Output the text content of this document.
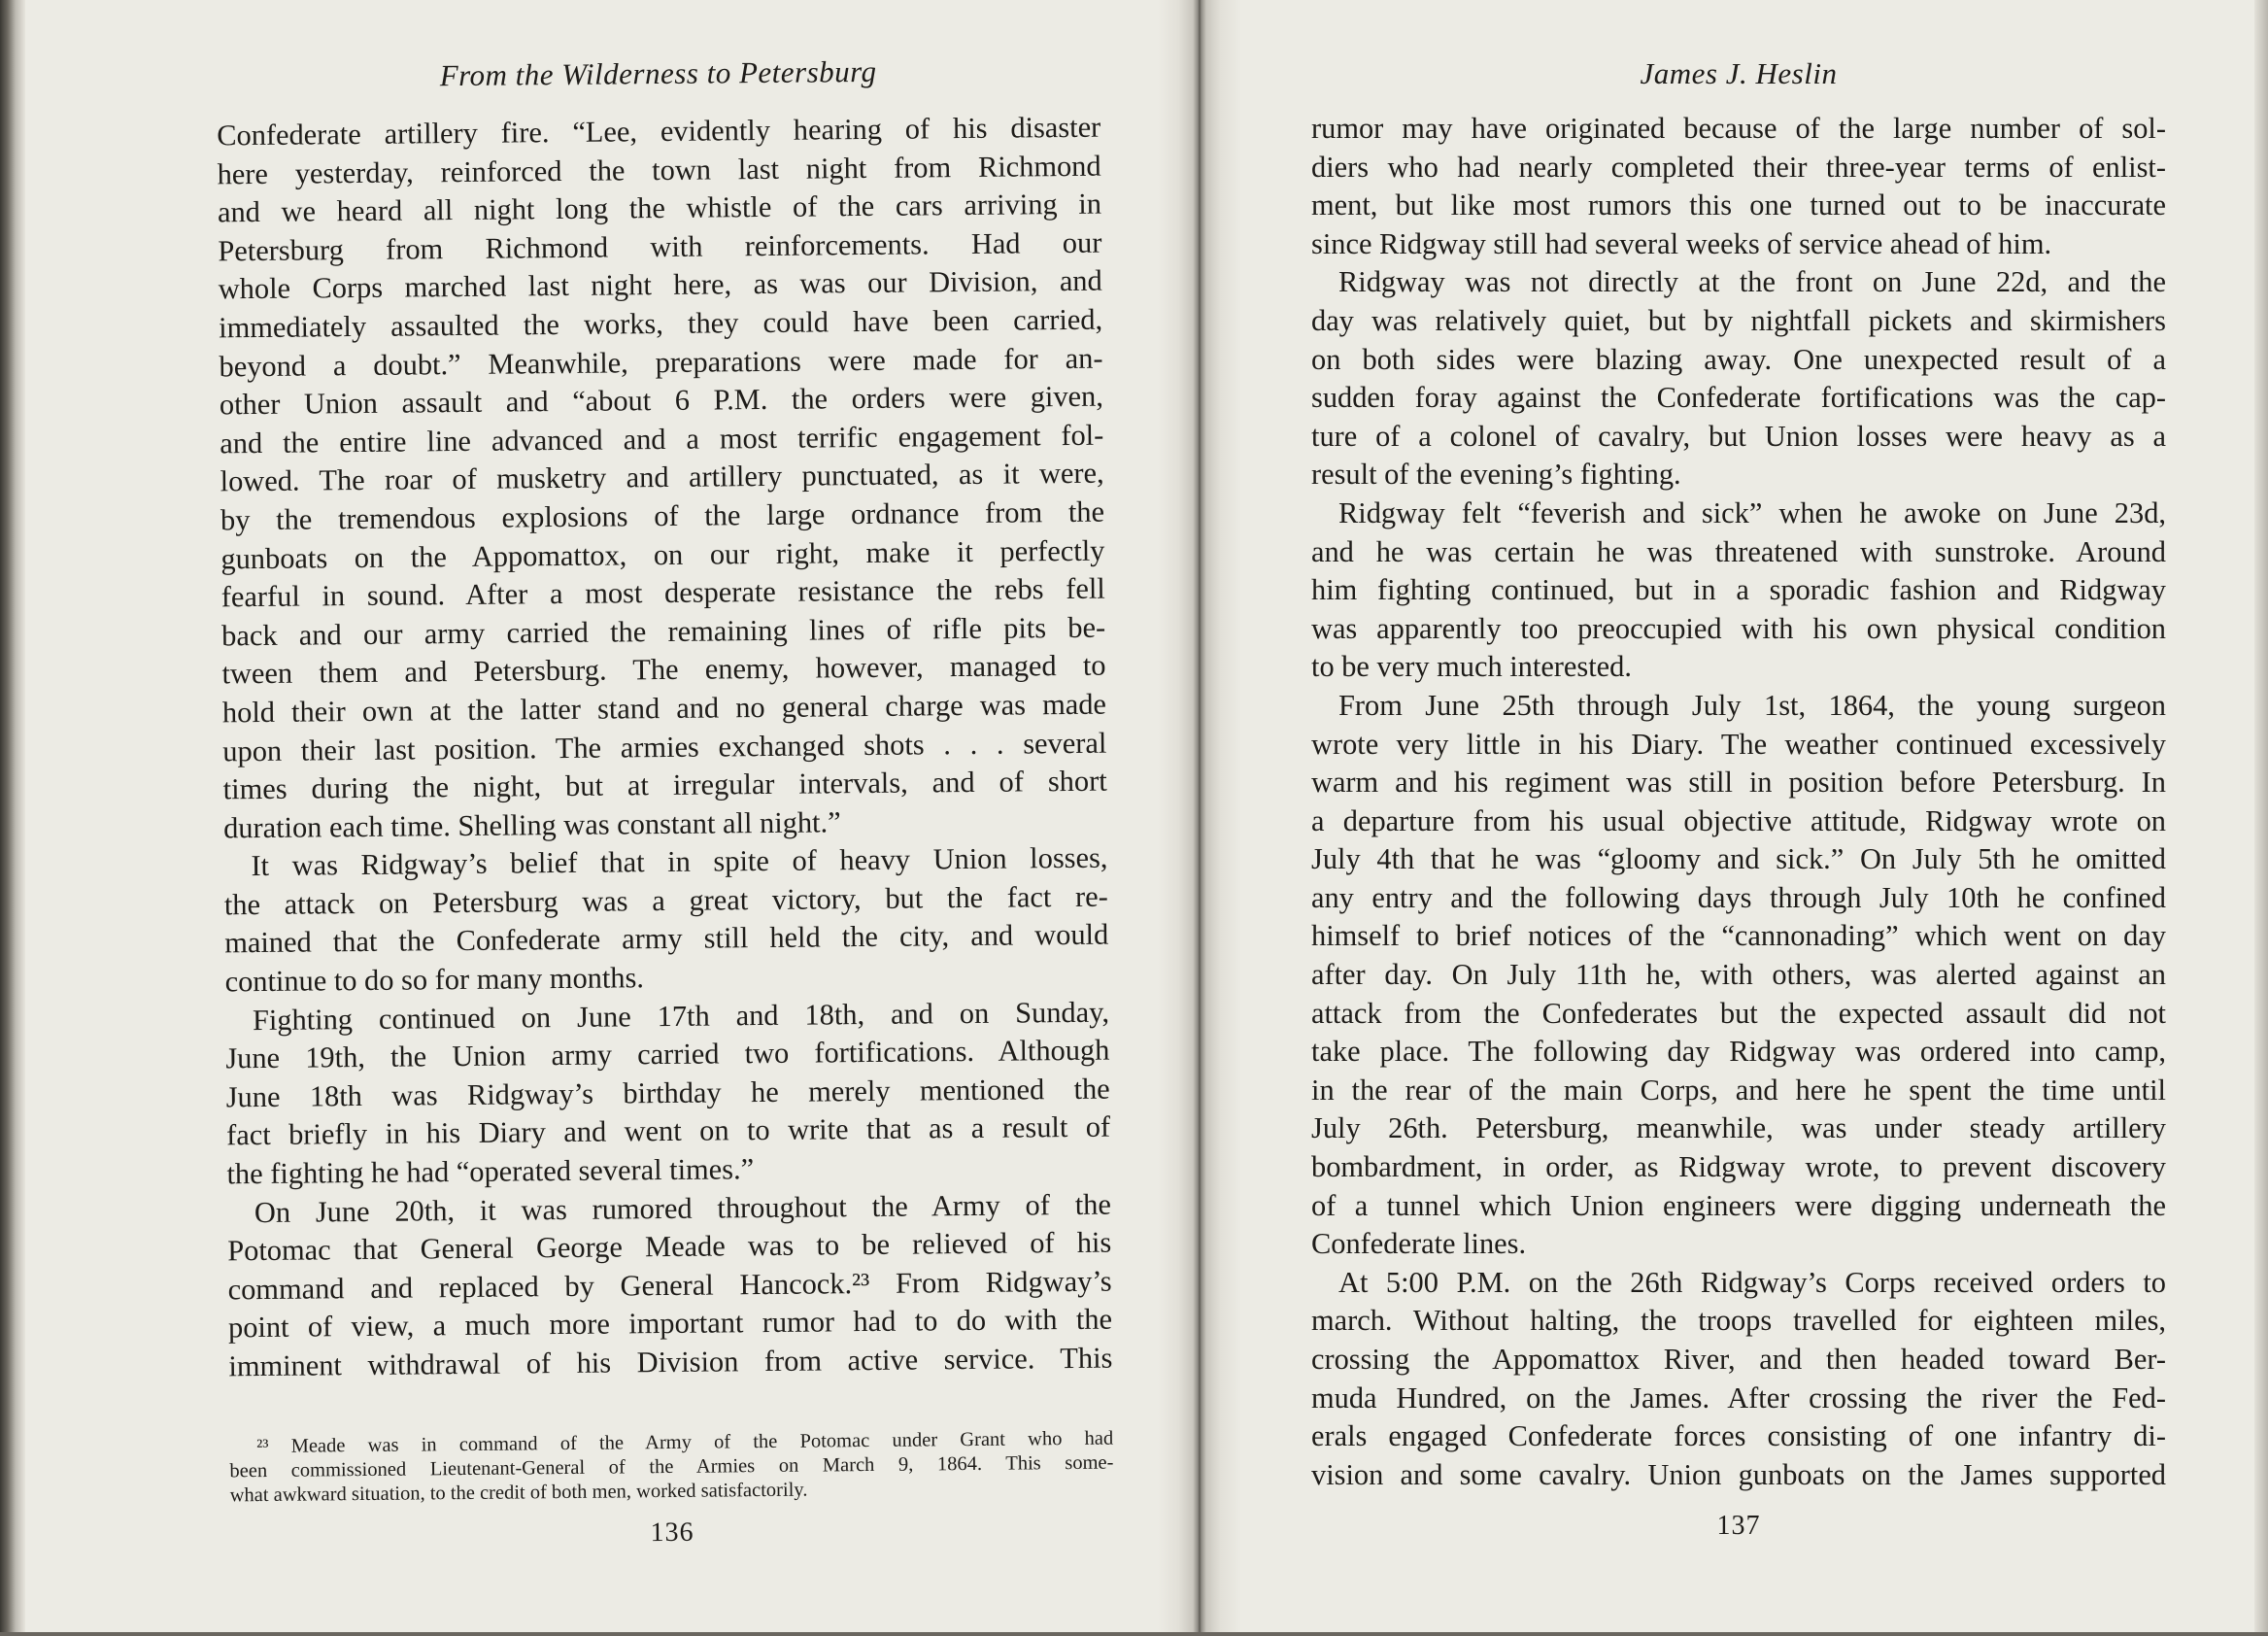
From the Wilderness to Petersburg
Confederate artillery fire. “Lee, evidently hearing of his disaster
here yesterday, reinforced the town last night from Richmond
and we heard all night long the whistle of the cars arriving in
Petersburg from Richmond with reinforcements. Had our
whole Corps marched last night here, as was our Division, and
immediately assaulted the works, they could have been carried,
beyond a doubt.” Meanwhile, preparations were made for an-
other Union assault and “about 6 P.M. the orders were given,
and the entire line advanced and a most terrific engagement fol-
lowed. The roar of musketry and artillery punctuated, as it were,
by the tremendous explosions of the large ordnance from the
gunboats on the Appomattox, on our right, make it perfectly
fearful in sound. After a most desperate resistance the rebs fell
back and our army carried the remaining lines of rifle pits be-
tween them and Petersburg. The enemy, however, managed to
hold their own at the latter stand and no general charge was made
upon their last position. The armies exchanged shots . . . several
times during the night, but at irregular intervals, and of short
duration each time. Shelling was constant all night.”
It was Ridgway’s belief that in spite of heavy Union losses,
the attack on Petersburg was a great victory, but the fact re-
mained that the Confederate army still held the city, and would
continue to do so for many months.
Fighting continued on June 17th and 18th, and on Sunday,
June 19th, the Union army carried two fortifications. Although
June 18th was Ridgway’s birthday he merely mentioned the
fact briefly in his Diary and went on to write that as a result of
the fighting he had “operated several times.”
On June 20th, it was rumored throughout the Army of the
Potomac that General George Meade was to be relieved of his
command and replaced by General Hancock.²³ From Ridgway’s
point of view, a much more important rumor had to do with the
imminent withdrawal of his Division from active service. This
²³ Meade was in command of the Army of the Potomac under Grant who had
been commissioned Lieutenant-General of the Armies on March 9, 1864. This some-
what awkward situation, to the credit of both men, worked satisfactorily.
136
James J. Heslin
rumor may have originated because of the large number of sol-
diers who had nearly completed their three-year terms of enlist-
ment, but like most rumors this one turned out to be inaccurate
since Ridgway still had several weeks of service ahead of him.
Ridgway was not directly at the front on June 22d, and the
day was relatively quiet, but by nightfall pickets and skirmishers
on both sides were blazing away. One unexpected result of a
sudden foray against the Confederate fortifications was the cap-
ture of a colonel of cavalry, but Union losses were heavy as a
result of the evening’s fighting.
Ridgway felt “feverish and sick” when he awoke on June 23d,
and he was certain he was threatened with sunstroke. Around
him fighting continued, but in a sporadic fashion and Ridgway
was apparently too preoccupied with his own physical condition
to be very much interested.
From June 25th through July 1st, 1864, the young surgeon
wrote very little in his Diary. The weather continued excessively
warm and his regiment was still in position before Petersburg. In
a departure from his usual objective attitude, Ridgway wrote on
July 4th that he was “gloomy and sick.” On July 5th he omitted
any entry and the following days through July 10th he confined
himself to brief notices of the “cannonading” which went on day
after day. On July 11th he, with others, was alerted against an
attack from the Confederates but the expected assault did not
take place. The following day Ridgway was ordered into camp,
in the rear of the main Corps, and here he spent the time until
July 26th. Petersburg, meanwhile, was under steady artillery
bombardment, in order, as Ridgway wrote, to prevent discovery
of a tunnel which Union engineers were digging underneath the
Confederate lines.
At 5:00 P.M. on the 26th Ridgway’s Corps received orders to
march. Without halting, the troops travelled for eighteen miles,
crossing the Appomattox River, and then headed toward Ber-
muda Hundred, on the James. After crossing the river the Fed-
erals engaged Confederate forces consisting of one infantry di-
vision and some cavalry. Union gunboats on the James supported
137
